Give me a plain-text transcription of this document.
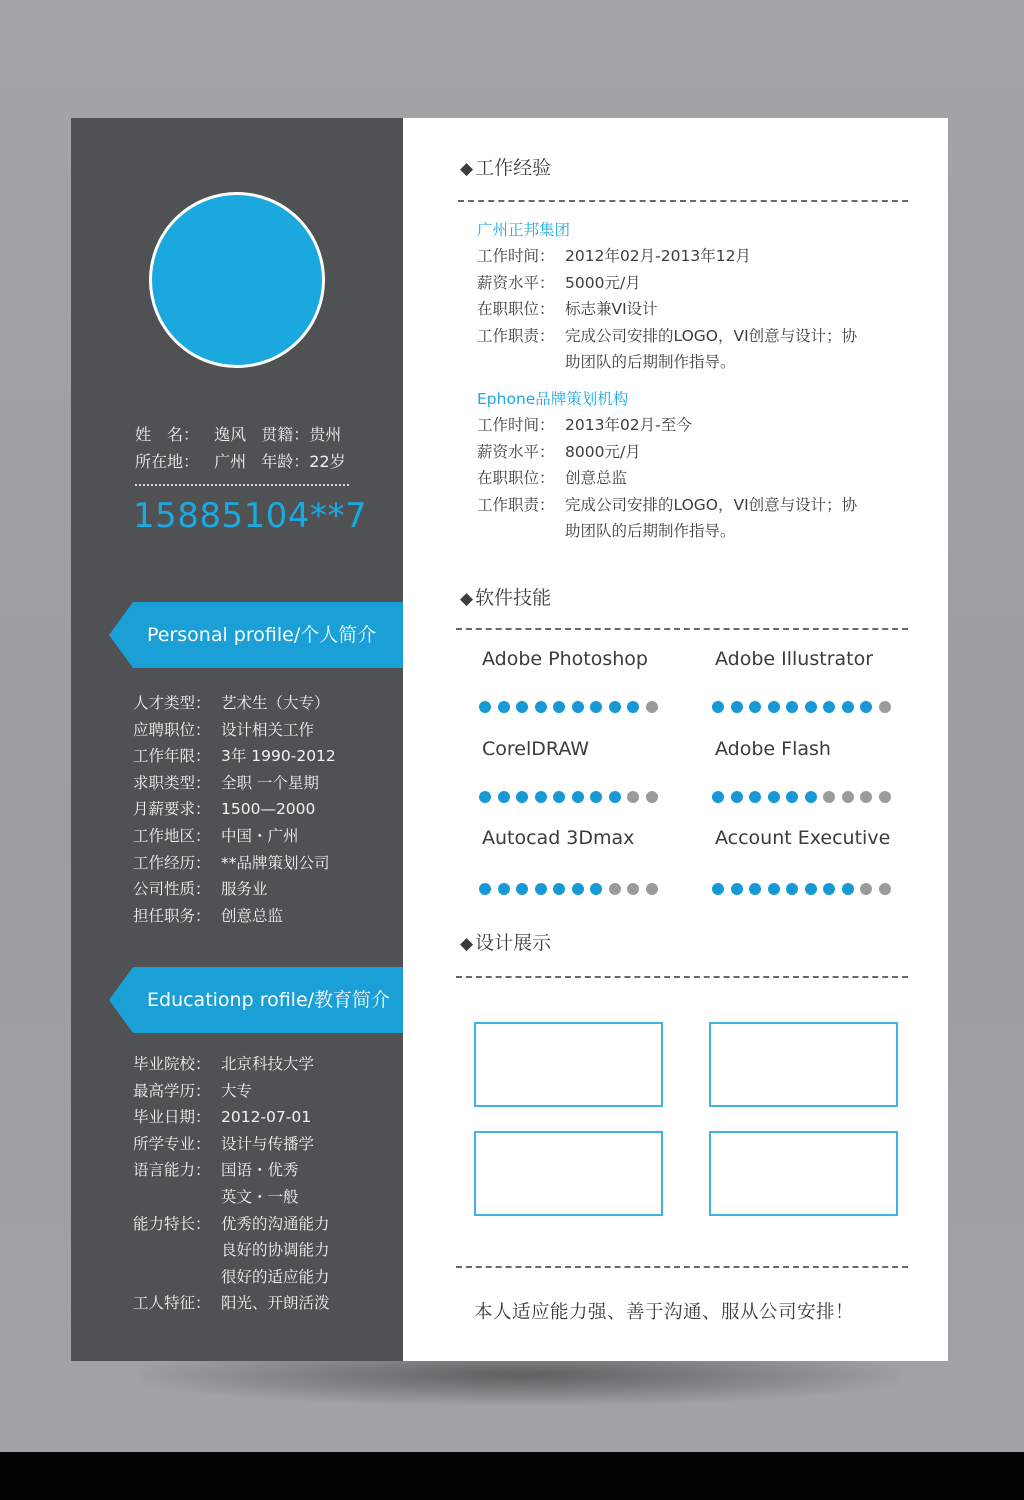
姓　名： 逸风 贯籍：贵州
所在地： 广州 年龄：22岁
15885104**7
Personal profile/个人简介
人才类型： 艺术生（大专）
应聘职位： 设计相关工作
工作年限： 3年 1990-2012
求职类型： 全职 一个星期
月薪要求： 1500—2000
工作地区： 中国・广州
工作经历： **品牌策划公司
公司性质： 服务业
担任职务： 创意总监
Educationp rofile/教育简介
毕业院校： 北京科技大学
最高学历： 大专
毕业日期：2012-07-01
所学专业： 设计与传播学
语言能力： 国语・优秀
英文・一般
能力特长： 优秀的沟通能力
良好的协调能力
很好的适应能力
工人特征： 阳光、开朗活泼
◆ 工作经验
广州正邦集团
工作时间： 2012年02月-2013年12月
薪资水平： 5000元/月
在职职位： 标志兼VI设计
工作职责： 完成公司安排的LOGO，VI创意与设计；协
助团队的后期制作指导。
Ephone品牌策划机构
工作时间： 2013年02月-至今
薪资水平： 8000元/月
在职职位： 创意总监
工作职责： 完成公司安排的LOGO，VI创意与设计；协
助团队的后期制作指导。
◆ 软件技能
Adobe Photoshop	Adobe Illustrator
CorelDRAW	Adobe Flash
Autocad 3Dmax	Account Executive
◆ 设计展示
本人适应能力强、善于沟通、服从公司安排！
